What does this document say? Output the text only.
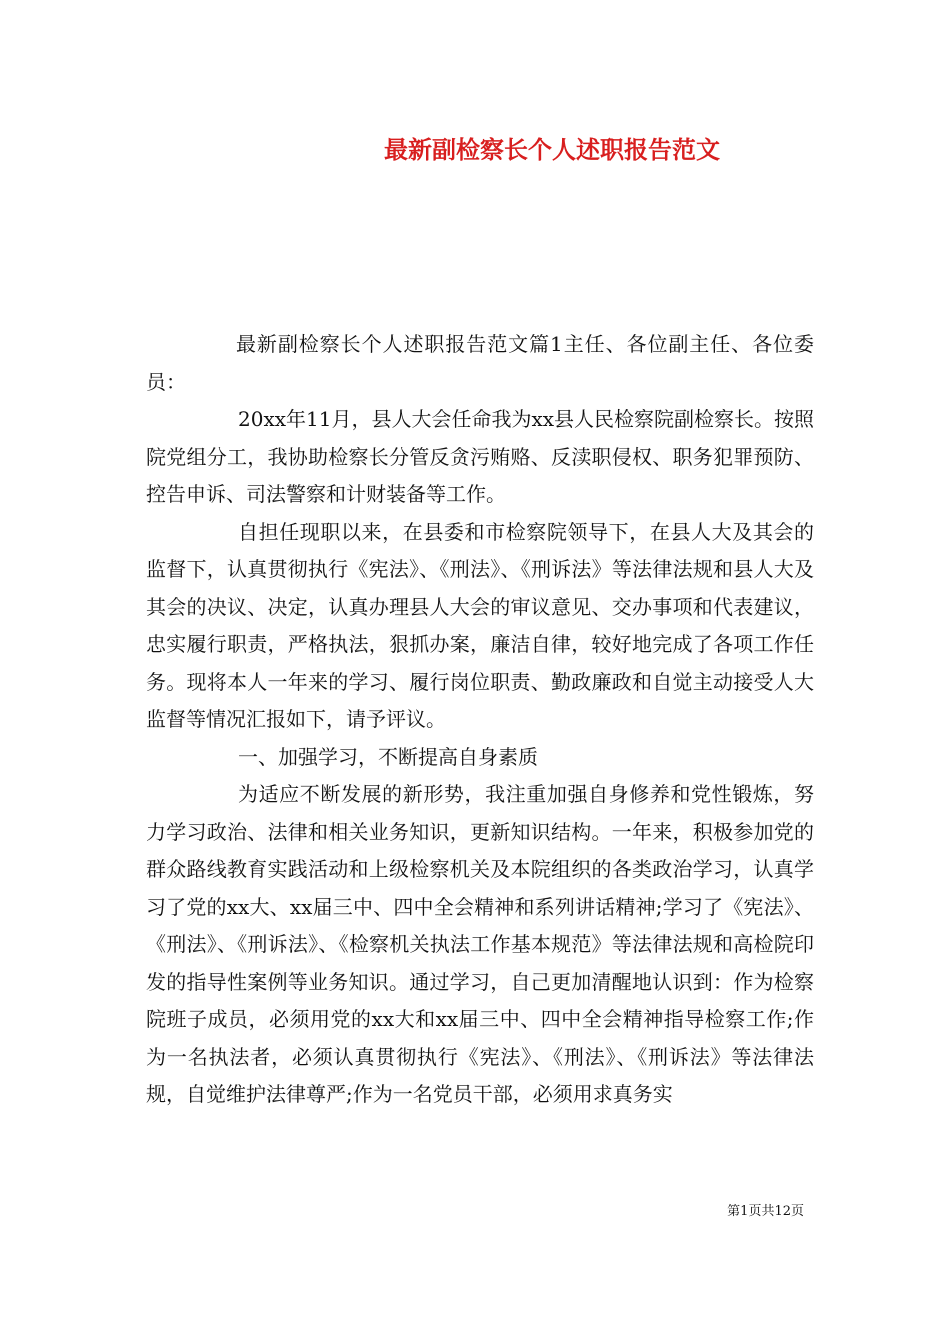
最新副检察长个人述职报告范文

最新副检察长个人述职报告范文篇1主任、各位副主任、各位委员：

20xx年11月，县人大会任命我为xx县人民检察院副检察长。按照院党组分工，我协助检察长分管反贪污贿赂、反渎职侵权、职务犯罪预防、控告申诉、司法警察和计财装备等工作。

自担任现职以来，在县委和市检察院领导下，在县人大及其会的监督下，认真贯彻执行《宪法》、《刑法》、《刑诉法》等法律法规和县人大及其会的决议、决定，认真办理县人大会的审议意见、交办事项和代表建议，忠实履行职责，严格执法，狠抓办案，廉洁自律，较好地完成了各项工作任务。现将本人一年来的学习、履行岗位职责、勤政廉政和自觉主动接受人大监督等情况汇报如下，请予评议。

一、加强学习，不断提高自身素质

为适应不断发展的新形势，我注重加强自身修养和党性锻炼，努力学习政治、法律和相关业务知识，更新知识结构。一年来，积极参加党的群众路线教育实践活动和上级检察机关及本院组织的各类政治学习，认真学习了党的xx大、xx届三中、四中全会精神和系列讲话精神;学习了《宪法》、《刑法》、《刑诉法》、《检察机关执法工作基本规范》等法律法规和高检院印发的指导性案例等业务知识。通过学习，自己更加清醒地认识到：作为检察院班子成员，必须用党的xx大和xx届三中、四中全会精神指导检察工作;作为一名执法者，必须认真贯彻执行《宪法》、《刑法》、《刑诉法》等法律法规，自觉维护法律尊严;作为一名党员干部，必须用求真务实

第1页共12页
